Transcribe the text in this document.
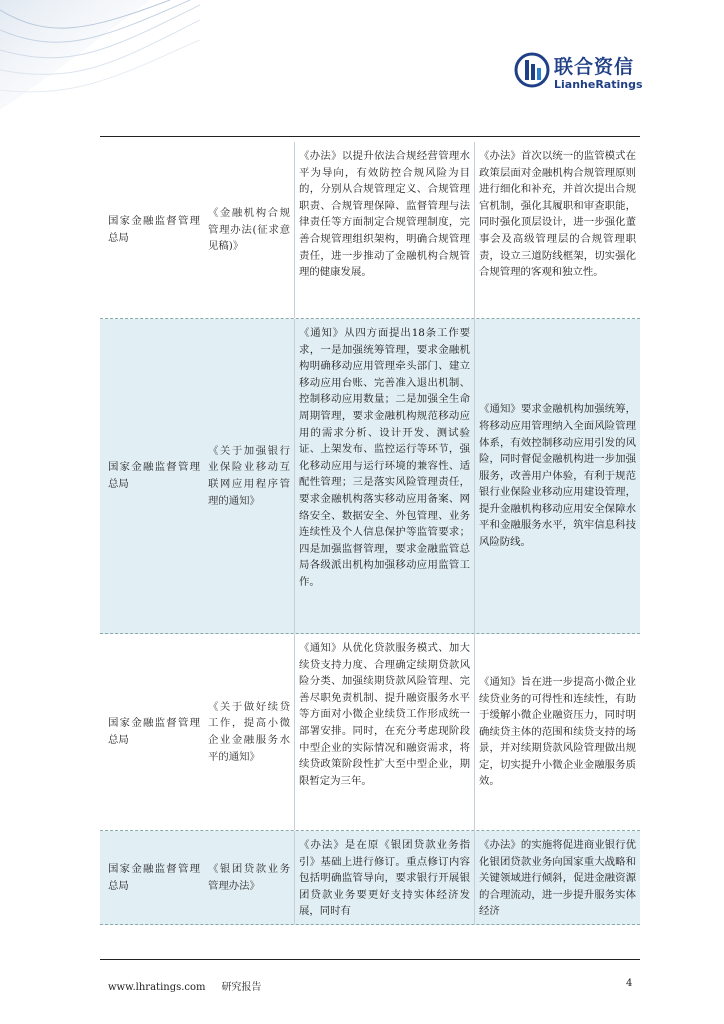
联合资信
LianheRatings
国家金融监督管理总局
《金融机构合规管理办法(征求意见稿)》
《办法》以提升依法合规经营管理水平为导向，有效防控合规风险为目的，分别从合规管理定义、合规管理职责、合规管理保障、监督管理与法律责任等方面制定合规管理制度，完善合规管理组织架构，明确合规管理责任，进一步推动了金融机构合规管理的健康发展。
《办法》首次以统一的监管模式在政策层面对金融机构合规管理原则进行细化和补充，并首次提出合规官机制，强化其履职和审查职能，同时强化顶层设计，进一步强化董事会及高级管理层的合规管理职责，设立三道防线框架，切实强化合规管理的客观和独立性。
国家金融监督管理总局
《关于加强银行业保险业移动互联网应用程序管理的通知》
《通知》从四方面提出18条工作要求，一是加强统筹管理，要求金融机构明确移动应用管理牵头部门、建立移动应用台账、完善准入退出机制、控制移动应用数量；二是加强全生命周期管理，要求金融机构规范移动应用的需求分析、设计开发、测试验证、上架发布、监控运行等环节，强化移动应用与运行环境的兼容性、适配性管理；三是落实风险管理责任，要求金融机构落实移动应用备案、网络安全、数据安全、外包管理、业务连续性及个人信息保护等监管要求；四是加强监督管理，要求金融监管总局各级派出机构加强移动应用监管工作。
《通知》要求金融机构加强统筹，将移动应用管理纳入全面风险管理体系，有效控制移动应用引发的风险，同时督促金融机构进一步加强服务，改善用户体验，有利于规范银行业保险业移动应用建设管理，提升金融机构移动应用安全保障水平和金融服务水平，筑牢信息科技风险防线。
国家金融监督管理总局
《关于做好续贷工作，提高小微企业金融服务水平的通知》
《通知》从优化贷款服务模式、加大续贷支持力度、合理确定续期贷款风险分类、加强续期贷款风险管理、完善尽职免责机制、提升融资服务水平等方面对小微企业续贷工作形成统一部署安排。同时，在充分考虑现阶段中型企业的实际情况和融资需求，将续贷政策阶段性扩大至中型企业，期限暂定为三年。
《通知》旨在进一步提高小微企业续贷业务的可得性和连续性，有助于缓解小微企业融资压力，同时明确续贷主体的范围和续贷支持的场景，并对续期贷款风险管理做出规定，切实提升小微企业金融服务质效。
国家金融监督管理总局
《银团贷款业务管理办法》
《办法》是在原《银团贷款业务指引》基础上进行修订。重点修订内容包括明确监管导向，要求银行开展银团贷款业务要更好支持实体经济发展，同时有
《办法》的实施将促进商业银行优化银团贷款业务向国家重大战略和关键领域进行倾斜，促进金融资源的合理流动，进一步提升服务实体经济
www.lhratings.com 研究报告	4
